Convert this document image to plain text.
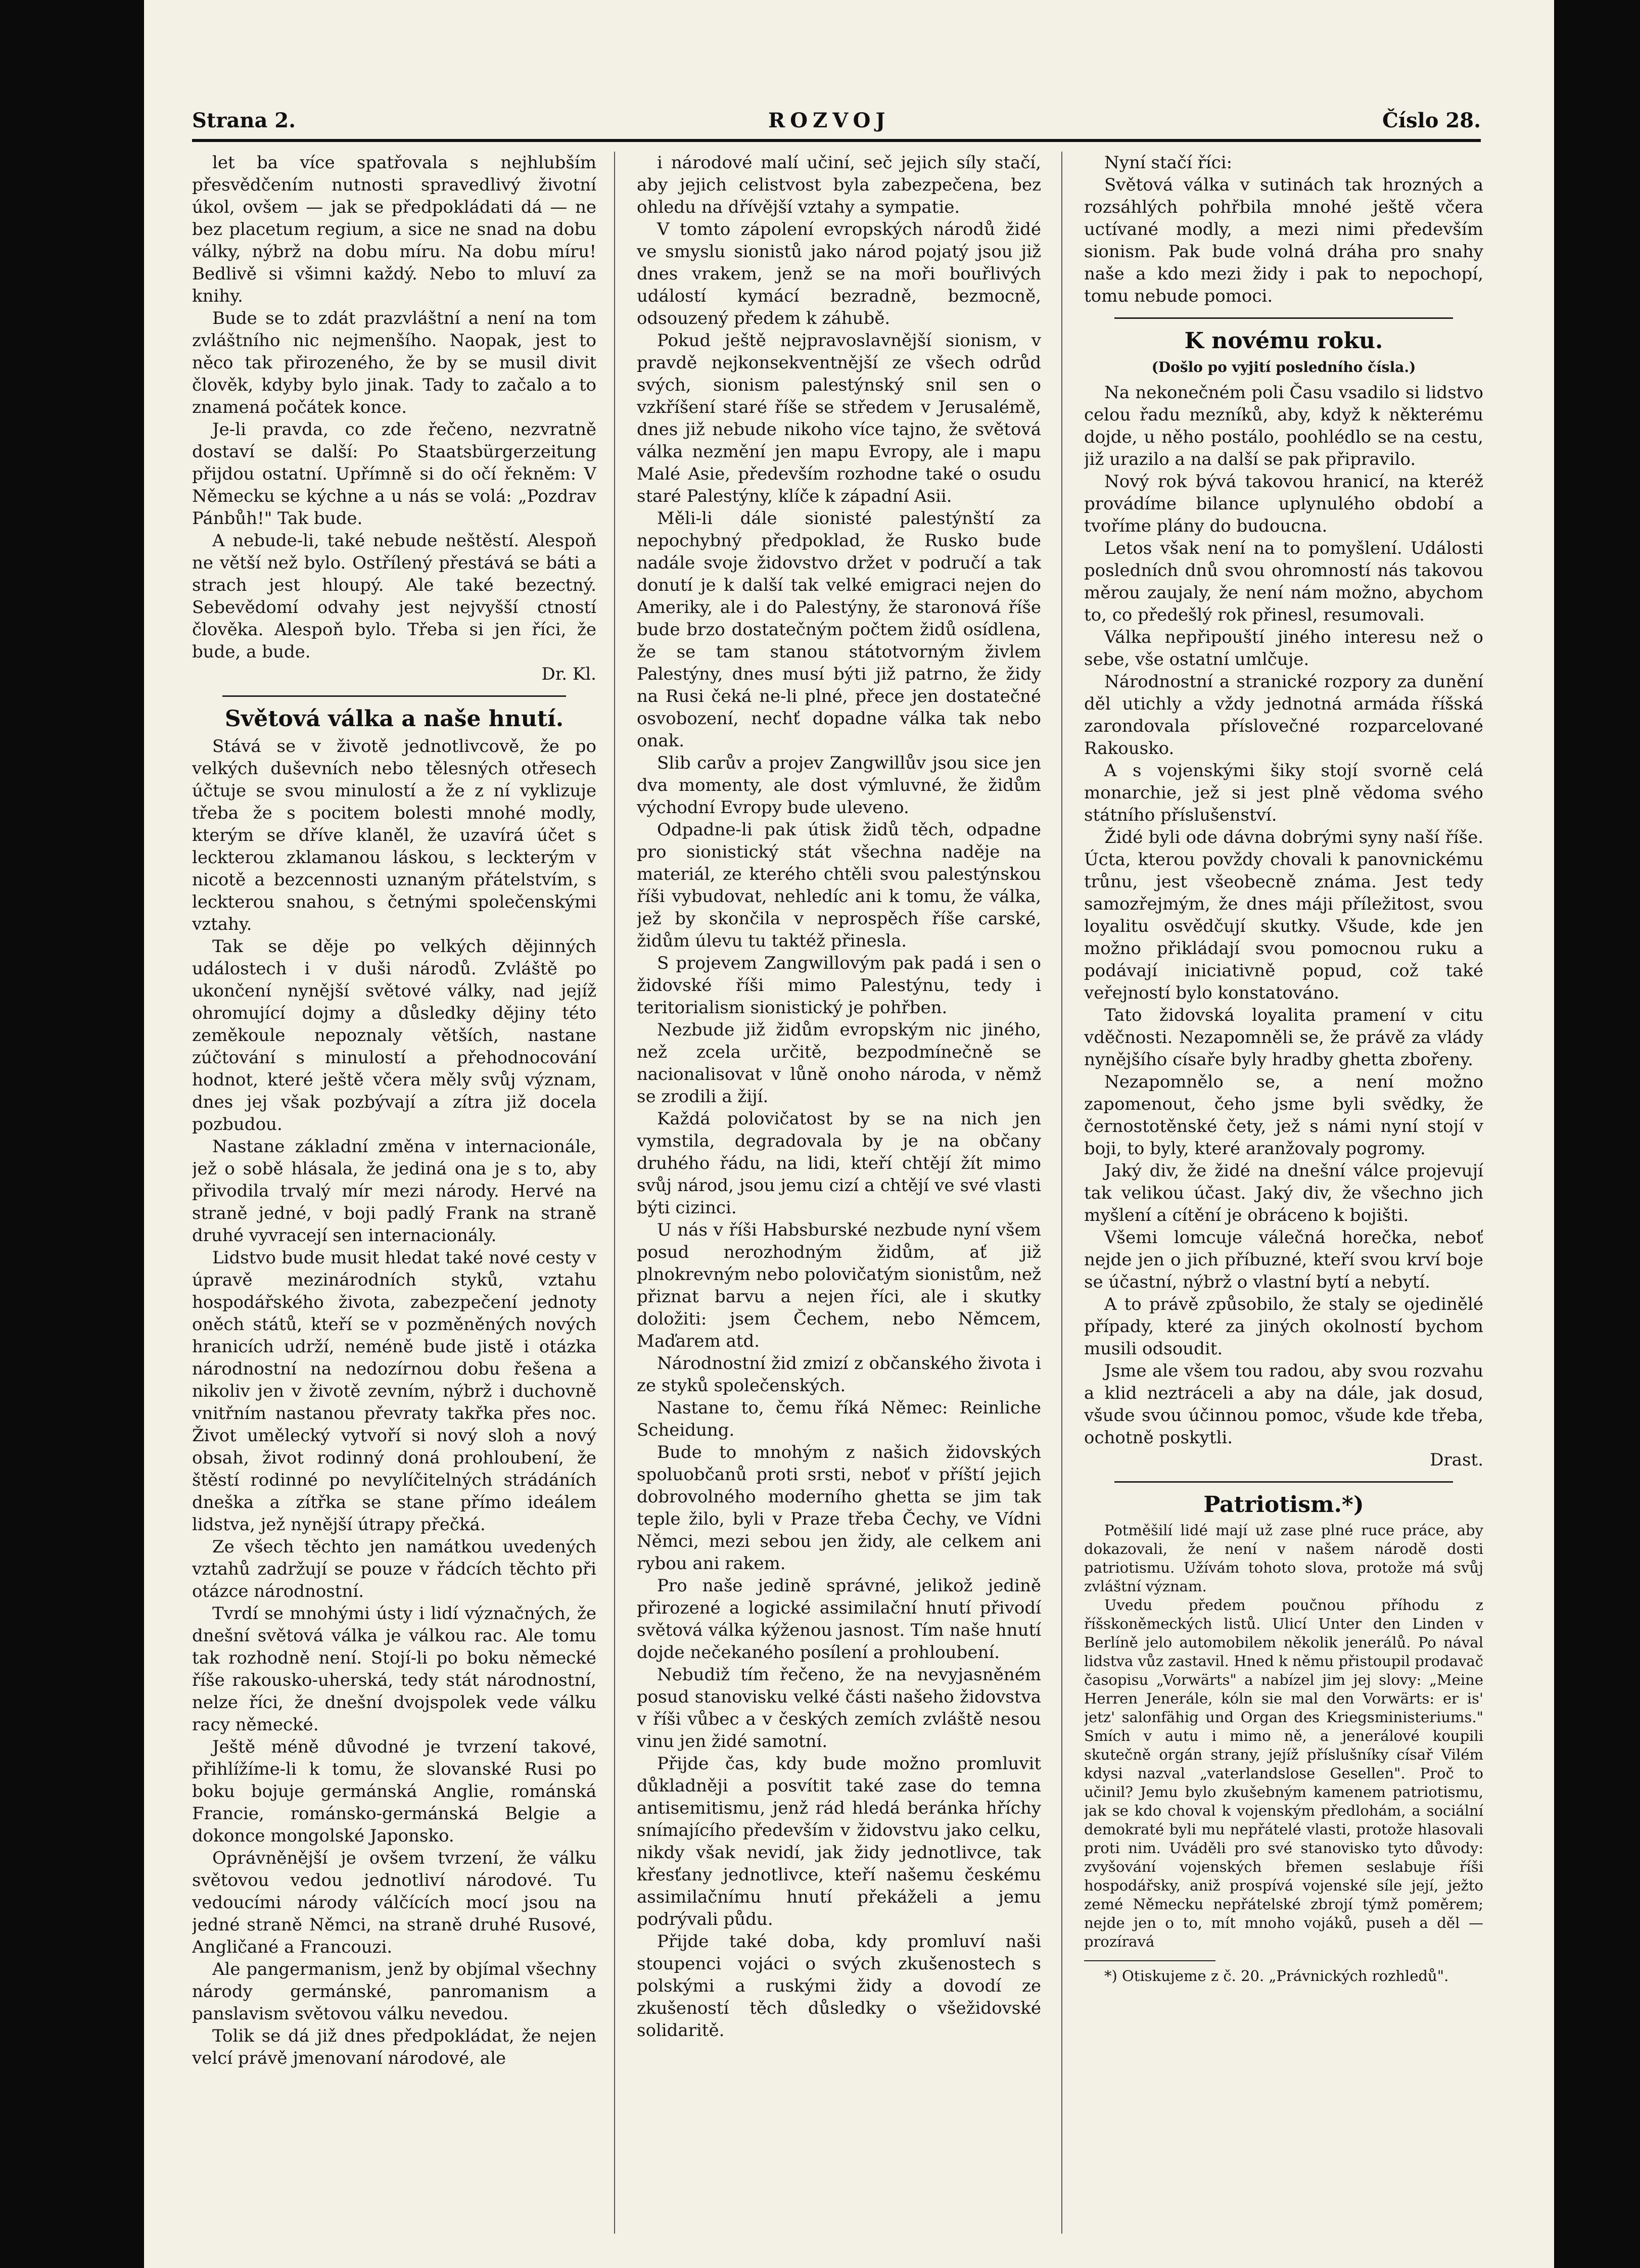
Strana 2.	ROZVOJ	Číslo 28.

let ba více spatřovala s nejhlubším přesvědčením nutnosti spravedlivý životní úkol, ovšem — jak se předpokládati dá — ne bez placetum regium, a sice ne snad na dobu války, nýbrž na dobu míru. Na dobu míru! Bedlivě si všimni každý. Nebo to mluví za knihy.

Bude se to zdát prazvláštní a není na tom zvláštního nic nejmenšího. Naopak, jest to něco tak přirozeného, že by se musil divit člověk, kdyby bylo jinak. Tady to začalo a to znamená počátek konce.

Je-li pravda, co zde řečeno, nezvratně dostaví se další: Po Staatsbürgerzeitung přijdou ostatní. Upřímně si do očí řekněm: V Německu se kýchne a u nás se volá: „Pozdrav Pánbůh!" Tak bude.

A nebude-li, také nebude neštěstí. Alespoň ne větší než bylo. Ostřílený přestává se báti a strach jest hloupý. Ale také bezectný. Sebevědomí odvahy jest nejvyšší ctností člověka. Alespoň bylo. Třeba si jen říci, že bude, a bude.

Dr. Kl.

Světová válka a naše hnutí.

Stává se v životě jednotlivcově, že po velkých duševních nebo tělesných otřesech účtuje se svou minulostí a že z ní vyklizuje třeba že s pocitem bolesti mnohé modly, kterým se dříve klaněl, že uzavírá účet s leckterou zklamanou láskou, s leckterým v nicotě a bezcennosti uznaným přátelstvím, s leckterou snahou, s četnými společenskými vztahy.

Tak se děje po velkých dějinných událostech i v duši národů. Zvláště po ukončení nynější světové války, nad jejíž ohromující dojmy a důsledky dějiny této zeměkoule nepoznaly větších, nastane zúčtování s minulostí a přehodnocování hodnot, které ještě včera měly svůj význam, dnes jej však pozbývají a zítra již docela pozbudou.

Nastane základní změna v internacionále, jež o sobě hlásala, že jediná ona je s to, aby přivodila trvalý mír mezi národy. Hervé na straně jedné, v boji padlý Frank na straně druhé vyvracejí sen internacionály.

Lidstvo bude musit hledat také nové cesty v úpravě mezinárodních styků, vztahu hospodářského života, zabezpečení jednoty oněch států, kteří se v pozměněných nových hranicích udrží, neméně bude jistě i otázka národnostní na nedozírnou dobu řešena a nikoliv jen v životě zevním, nýbrž i duchovně vnitřním nastanou převraty takřka přes noc. Život umělecký vytvoří si nový sloh a nový obsah, život rodinný doná prohloubení, že štěstí rodinné po nevylíčitelných strádáních dneška a zítřka se stane přímo ideálem lidstva, jež nynější útrapy přečká.

Ze všech těchto jen namátkou uvedených vztahů zadržují se pouze v řádcích těchto při otázce národnostní.

Tvrdí se mnohými ústy i lidí význačných, že dnešní světová válka je válkou rac. Ale tomu tak rozhodně není. Stojí-li po boku německé říše rakousko-uherská, tedy stát národnostní, nelze říci, že dnešní dvojspolek vede válku racy německé.

Ještě méně důvodné je tvrzení takové, přihlížíme-li k tomu, že slovanské Rusi po boku bojuje germánská Anglie, románská Francie, románsko-germánská Belgie a dokonce mongolské Japonsko.

Oprávněnější je ovšem tvrzení, že válku světovou vedou jednotliví národové. Tu vedoucími národy válčících mocí jsou na jedné straně Němci, na straně druhé Rusové, Angličané a Francouzi.

Ale pangermanism, jenž by objímal všechny národy germánské, panromanism a panslavism světovou válku nevedou.

Tolik se dá již dnes předpokládat, že nejen velcí právě jmenovaní národové, ale

i národové malí učiní, seč jejich síly stačí, aby jejich celistvost byla zabezpečena, bez ohledu na dřívější vztahy a sympatie.

V tomto zápolení evropských národů židé ve smyslu sionistů jako národ pojatý jsou již dnes vrakem, jenž se na moři bouřlivých událostí kymácí bezradně, bezmocně, odsouzený předem k záhubě.

Pokud ještě nejpravoslavnější sionism, v pravdě nejkonsekventnější ze všech odrůd svých, sionism palestýnský snil sen o vzkříšení staré říše se středem v Jerusalémě, dnes již nebude nikoho více tajno, že světová válka nezmění jen mapu Evropy, ale i mapu Malé Asie, především rozhodne také o osudu staré Palestýny, klíče k západní Asii.

Měli-li dále sionisté palestýnští za nepochybný předpoklad, že Rusko bude nadále svoje židovstvo držet v područí a tak donutí je k další tak velké emigraci nejen do Ameriky, ale i do Palestýny, že staronová říše bude brzo dostatečným počtem židů osídlena, že se tam stanou státotvorným živlem Palestýny, dnes musí býti již patrno, že židy na Rusi čeká ne-li plné, přece jen dostatečné osvobození, nechť dopadne válka tak nebo onak.

Slib carův a projev Zangwillův jsou sice jen dva momenty, ale dost výmluvné, že židům východní Evropy bude uleveno.

Odpadne-li pak útisk židů těch, odpadne pro sionistický stát všechna naděje na materiál, ze kterého chtěli svou palestýnskou říši vybudovat, nehledíc ani k tomu, že válka, jež by skončila v neprospěch říše carské, židům úlevu tu taktéž přinesla.

S projevem Zangwillovým pak padá i sen o židovské říši mimo Palestýnu, tedy i teritorialism sionistický je pohřben.

Nezbude již židům evropským nic jiného, než zcela určitě, bezpodmínečně se nacionalisovat v lůně onoho národa, v němž se zrodili a žijí.

Každá polovičatost by se na nich jen vymstila, degradovala by je na občany druhého řádu, na lidi, kteří chtějí žít mimo svůj národ, jsou jemu cizí a chtějí ve své vlasti býti cizinci.

U nás v říši Habsburské nezbude nyní všem posud nerozhodným židům, ať již plnokrevným nebo polovičatým sionistům, než přiznat barvu a nejen říci, ale i skutky doložiti: jsem Čechem, nebo Němcem, Maďarem atd.

Národnostní žid zmizí z občanského života i ze styků společenských.

Nastane to, čemu říká Němec: Reinliche Scheidung.

Bude to mnohým z našich židovských spoluobčanů proti srsti, neboť v příští jejich dobrovolného moderního ghetta se jim tak teple žilo, byli v Praze třeba Čechy, ve Vídni Němci, mezi sebou jen židy, ale celkem ani rybou ani rakem.

Pro naše jedině správné, jelikož jedině přirozené a logické assimilační hnutí přivodí světová válka kýženou jasnost. Tím naše hnutí dojde nečekaného posílení a prohloubení.

Nebudiž tím řečeno, že na nevyjasněném posud stanovisku velké části našeho židovstva v říši vůbec a v českých zemích zvláště nesou vinu jen židé samotní.

Přijde čas, kdy bude možno promluvit důkladněji a posvítit také zase do temna antisemitismu, jenž rád hledá beránka hříchy snímajícího především v židovstvu jako celku, nikdy však nevidí, jak židy jednotlivce, tak křesťany jednotlivce, kteří našemu českému assimilačnímu hnutí překáželi a jemu podrývali půdu.

Přijde také doba, kdy promluví naši stoupenci vojáci o svých zkušenostech s polskými a ruskými židy a dovodí ze zkušeností těch důsledky o všežidovské solidaritě.

Nyní stačí říci:

Světová válka v sutinách tak hrozných a rozsáhlých pohřbila mnohé ještě včera uctívané modly, a mezi nimi především sionism. Pak bude volná dráha pro snahy naše a kdo mezi židy i pak to nepochopí, tomu nebude pomoci.

K novému roku.
(Došlo po vyjití posledního čísla.)

Na nekonečném poli Času vsadilo si lidstvo celou řadu mezníků, aby, když k některému dojde, u něho postálo, poohlédlo se na cestu, již urazilo a na další se pak připravilo.

Nový rok bývá takovou hranicí, na kteréž provádíme bilance uplynulého období a tvoříme plány do budoucna.

Letos však není na to pomyšlení. Události posledních dnů svou ohromností nás takovou měrou zaujaly, že není nám možno, abychom to, co předešlý rok přinesl, resumovali.

Válka nepřipouští jiného interesu než o sebe, vše ostatní umlčuje.

Národnostní a stranické rozpory za dunění děl utichly a vždy jednotná armáda říšská zarondovala příslovečné rozparcelované Rakousko.

A s vojenskými šiky stojí svorně celá monarchie, jež si jest plně vědoma svého státního příslušenství.

Židé byli ode dávna dobrými syny naší říše. Úcta, kterou povždy chovali k panovnickému trůnu, jest všeobecně známa. Jest tedy samozřejmým, že dnes máji příležitost, svou loyalitu osvědčují skutky. Všude, kde jen možno přikládají svou pomocnou ruku a podávají iniciativně popud, což také veřejností bylo konstatováno.

Tato židovská loyalita pramení v citu vděčnosti. Nezapomněli se, že právě za vlády nynějšího císaře byly hradby ghetta zbořeny.

Nezapomnělo se, a není možno zapomenout, čeho jsme byli svědky, že černostotěnské čety, jež s námi nyní stojí v boji, to byly, které aranžovaly pogromy.

Jaký div, že židé na dnešní válce projevují tak velikou účast. Jaký div, že všechno jich myšlení a cítění je obráceno k bojišti.

Všemi lomcuje válečná horečka, neboť nejde jen o jich příbuzné, kteří svou krví boje se účastní, nýbrž o vlastní bytí a nebytí.

A to právě způsobilo, že staly se ojedinělé případy, které za jiných okolností bychom musili odsoudit.

Jsme ale všem tou radou, aby svou rozvahu a klid neztráceli a aby na dále, jak dosud, všude svou účinnou pomoc, všude kde třeba, ochotně poskytli.

Drast.

Patriotism.*)

Potměšilí lidé mají už zase plné ruce práce, aby dokazovali, že není v našem národě dosti patriotismu. Užívám tohoto slova, protože má svůj zvláštní význam.

Uvedu předem poučnou příhodu z říšskoněmeckých listů. Ulicí Unter den Linden v Berlíně jelo automobilem několik jenerálů. Po nával lidstva vůz zastavil. Hned k němu přistoupil prodavač časopisu „Vorwärts" a nabízel jim jej slovy: „Meine Herren Jenerále, kóln sie mal den Vorwärts: er is' jetz' salonfähig und Organ des Kriegsministeriums." Smích v autu i mimo ně, a jenerálové koupili skutečně orgán strany, jejíž příslušníky císař Vilém kdysi nazval „vaterlandslose Gesellen". Proč to učinil? Jemu bylo zkušebným kamenem patriotismu, jak se kdo choval k vojenským předlohám, a sociální demokraté byli mu nepřátelé vlasti, protože hlasovali proti nim. Uváděli pro své stanovisko tyto důvody: zvyšování vojenských břemen seslabuje říši hospodářsky, aniž prospívá vojenské síle její, ježto zemé Německu nepřátelské zbrojí týmž poměrem; nejde jen o to, mít mnoho vojáků, puseh a děl — prozíravá

*) Otiskujeme z č. 20. „Právnických rozhledů".
